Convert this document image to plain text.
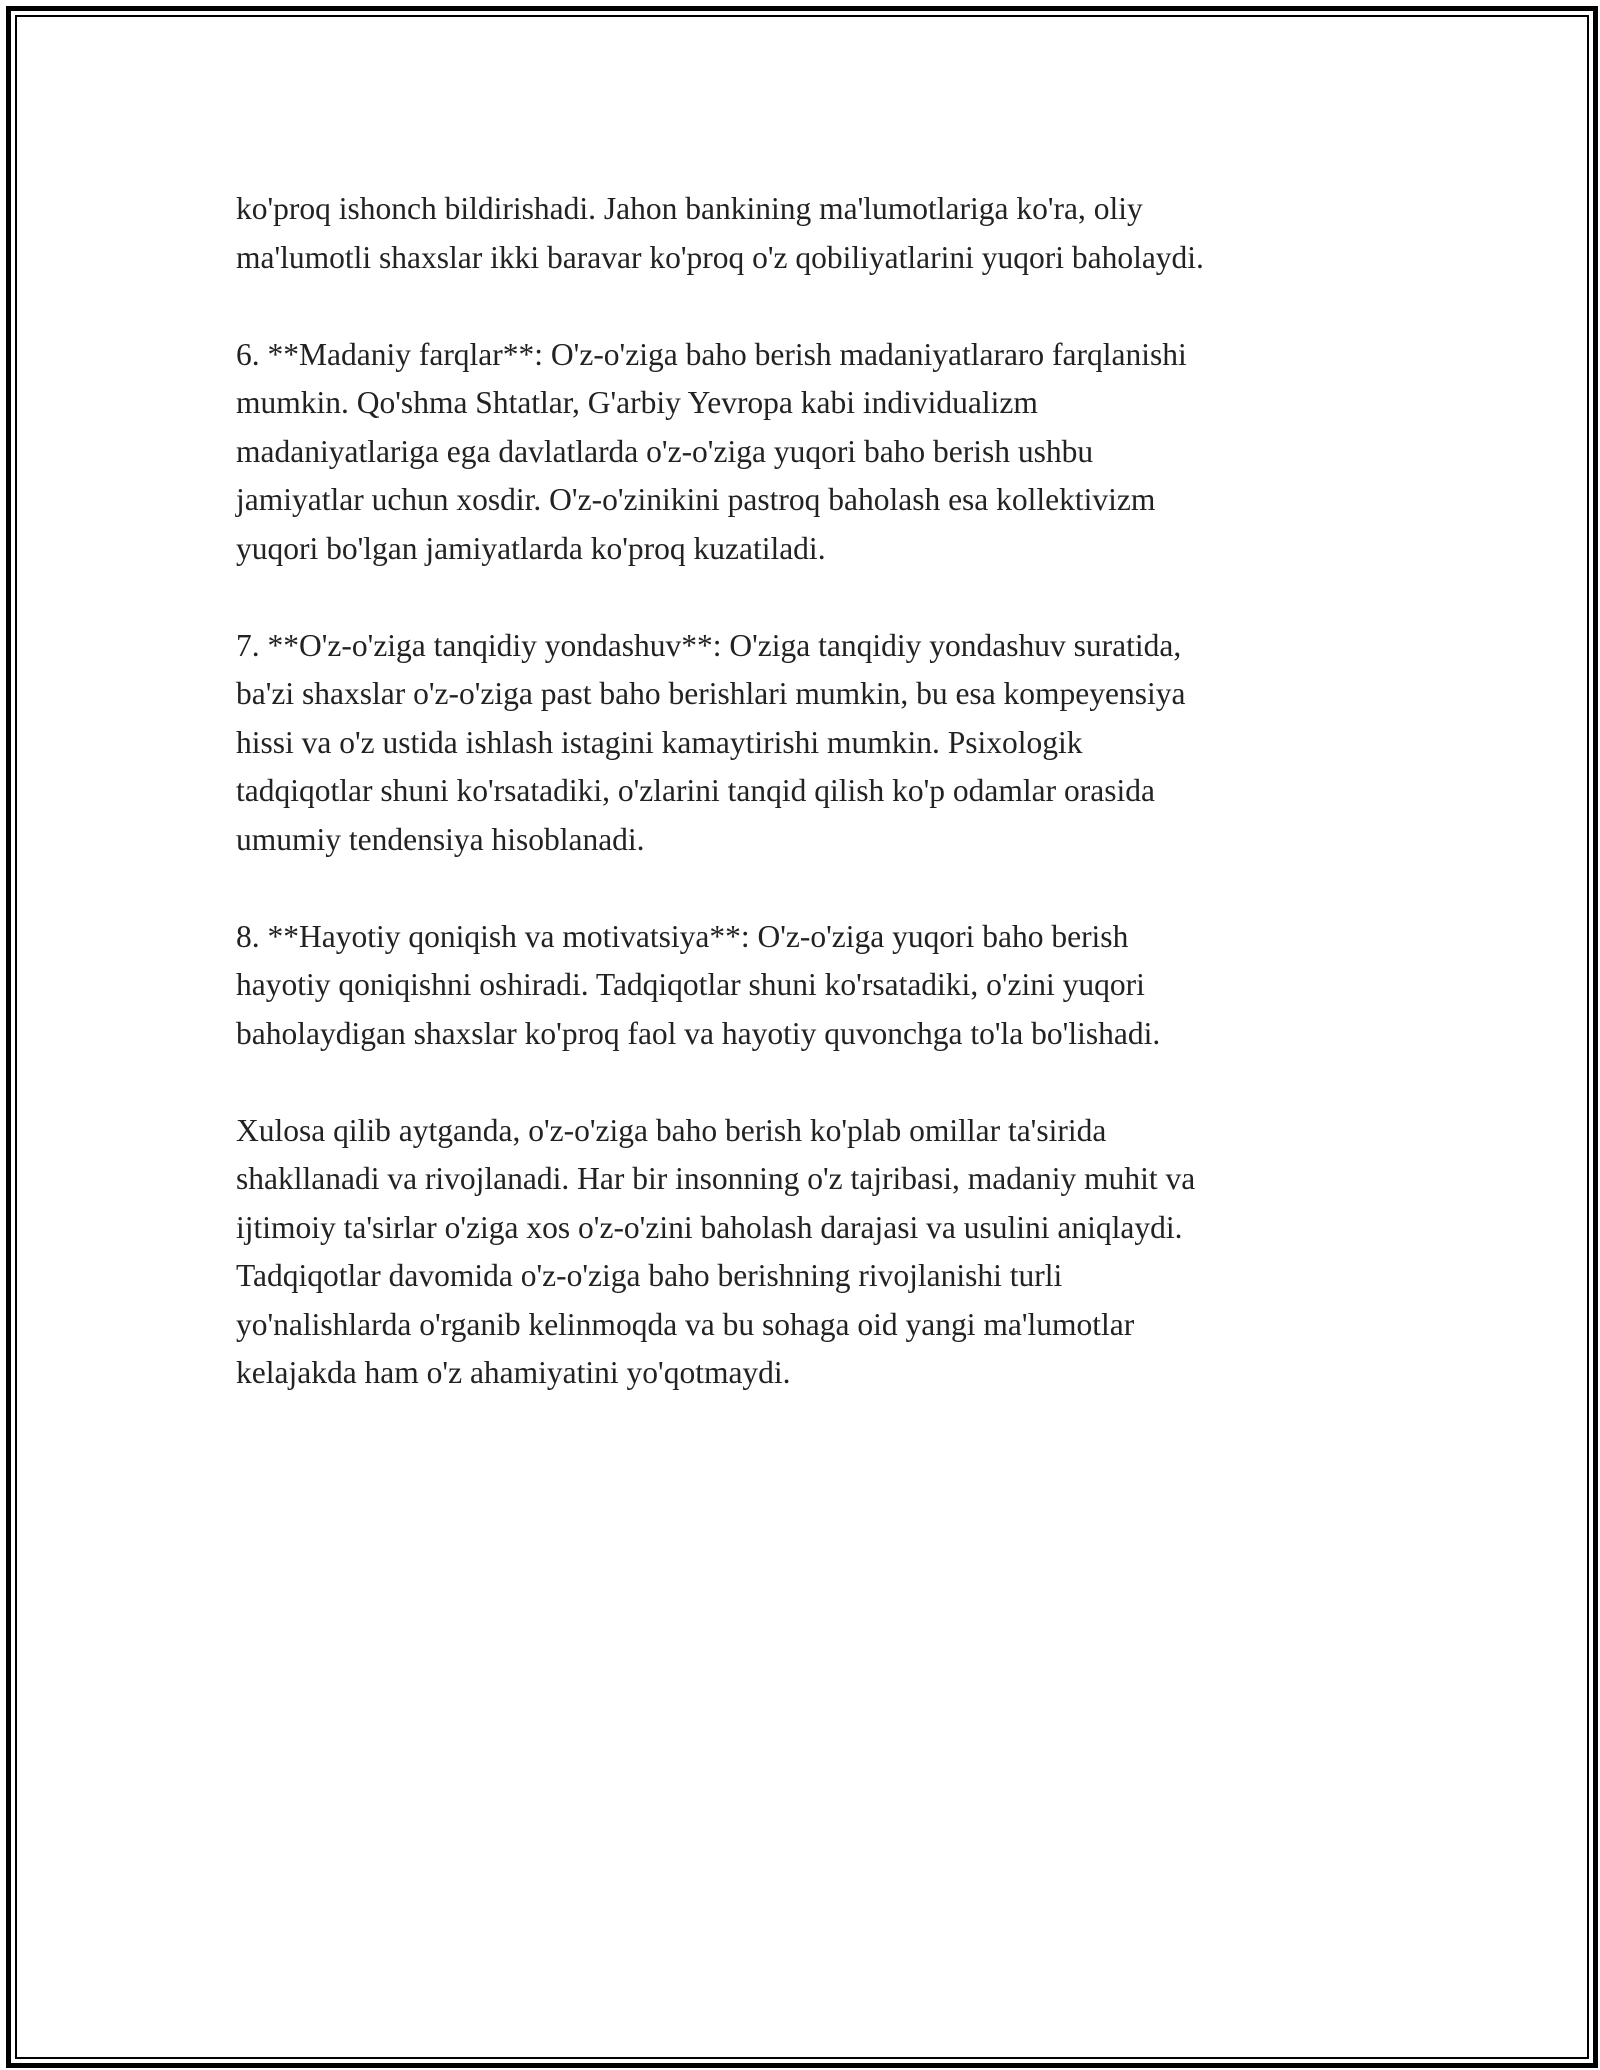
ko'proq ishonch bildirishadi. Jahon bankining ma'lumotlariga ko'ra, oliy
ma'lumotli shaxslar ikki baravar ko'proq o'z qobiliyatlarini yuqori baholaydi.

6. **Madaniy farqlar**: O'z-o'ziga baho berish madaniyatlararo farqlanishi
mumkin. Qo'shma Shtatlar, G'arbiy Yevropa kabi individualizm
madaniyatlariga ega davlatlarda o'z-o'ziga yuqori baho berish ushbu
jamiyatlar uchun xosdir. O'z-o'zinikini pastroq baholash esa kollektivizm
yuqori bo'lgan jamiyatlarda ko'proq kuzatiladi.

7. **O'z-o'ziga tanqidiy yondashuv**: O'ziga tanqidiy yondashuv suratida,
ba'zi shaxslar o'z-o'ziga past baho berishlari mumkin, bu esa kompeyensiya
hissi va o'z ustida ishlash istagini kamaytirishi mumkin. Psixologik
tadqiqotlar shuni ko'rsatadiki, o'zlarini tanqid qilish ko'p odamlar orasida
umumiy tendensiya hisoblanadi.

8. **Hayotiy qoniqish va motivatsiya**: O'z-o'ziga yuqori baho berish
hayotiy qoniqishni oshiradi. Tadqiqotlar shuni ko'rsatadiki, o'zini yuqori
baholaydigan shaxslar ko'proq faol va hayotiy quvonchga to'la bo'lishadi.

Xulosa qilib aytganda, o'z-o'ziga baho berish ko'plab omillar ta'sirida
shakllanadi va rivojlanadi. Har bir insonning o'z tajribasi, madaniy muhit va
ijtimoiy ta'sirlar o'ziga xos o'z-o'zini baholash darajasi va usulini aniqlaydi.
Tadqiqotlar davomida o'z-o'ziga baho berishning rivojlanishi turli
yo'nalishlarda o'rganib kelinmoqda va bu sohaga oid yangi ma'lumotlar
kelajakda ham o'z ahamiyatini yo'qotmaydi.
